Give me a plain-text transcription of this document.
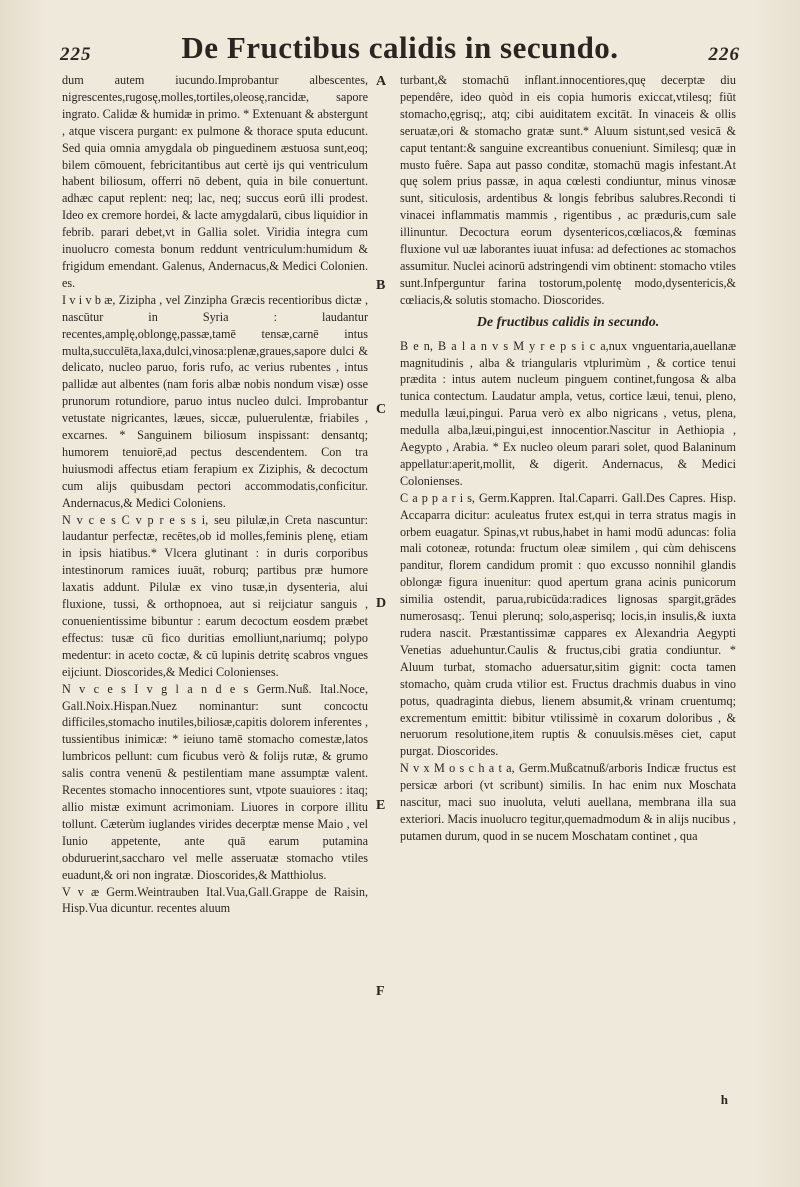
225	De Fructibus calidis in secundo.	226

dum autem iucundo.Improbantur albescentes, nigrescentes,rugosę,molles,tortiles,oleosę,rancidæ, sapore ingrato. Calidæ & humidæ in primo. * Extenuant & abstergunt , atque viscera purgant: ex pulmone & thorace sputa educunt. Sed quia omnia amygdala ob pinguedinem æstuosa sunt,eoq; bilem cōmouent, febricitantibus aut certè ijs qui ventriculum habent biliosum, offerri nō debent, quia in bile conuertunt. adhæc caput replent: neq; lac, neq; succus eorū illi prodest. Ideo ex cremore hordei, & lacte amygdalarū, cibus liquidior in febrib. parari debet,vt in Gallia solet. Viridia integra cum inuolucro comesta bonum reddunt ventriculum:humidum & frigidum emendant. Galenus, Andernacus,& Medici Colonien. es.

I v i v b æ, Zizipha , vel Zinzipha Græcis recentioribus dictæ , nascūtur in Syria : laudantur recentes,amplę,oblongę,passæ,tamē tensæ,carnē intus multa,succulēta,laxa,dulci,vinosa:plenæ,graues,sapore dulci & delicato, nucleo paruo, foris rufo, ac verius rubentes , intus pallidæ aut albentes (nam foris albæ nobis nondum visæ) osse prunorum rotundiore, paruo intus nucleo dulci. Improbantur vetustate nigricantes, læues, siccæ, puluerulentæ, friabiles , excarnes. * Sanguinem biliosum inspissant: densantq; humorem tenuiorē,ad pectus descendentem. Con tra huiusmodi affectus etiam ferapium ex Ziziphis, & decoctum cum alijs quibusdam pectori accommodatis,conficitur. Andernacus,& Medici Coloniens.

N v c e s C v p r e s s i, seu pilulæ,in Creta nascuntur: laudantur perfectæ, recētes,ob id molles,feminis plenę, etiam in ipsis hiatibus.* Vlcera glutinant : in duris corporibus intestinorum ramices iuuāt, roburq; partibus præ humore laxatis addunt. Pilulæ ex vino tusæ,in dysenteria, alui fluxione, tussi, & orthopnoea, aut si reijciatur sanguis , conuenientissime bibuntur : earum decoctum eosdem præbet effectus: tusæ cū fico duritias emolliunt,nariumq; polypo medentur: in aceto coctæ, & cū lupinis detritę scabros vngues eijciunt. Dioscorides,& Medici Colonienses.

N v c e s I v g l a n d e s Germ.Nuß. Ital.Noce, Gall.Noix.Hispan.Nuez nominantur: sunt concoctu difficiles,stomacho inutiles,biliosæ,capitis dolorem inferentes , tussientibus inimicæ: * ieiuno tamē stomacho comestæ,latos lumbricos pellunt: cum ficubus verò & folijs rutæ, & grumo salis contra venenū & pestilentiam mane assumptæ valent. Recentes stomacho innocentiores sunt, vtpote suauiores : itaq; allio mistæ eximunt acrimoniam. Liuores in corpore illitu tollunt. Cæterùm iuglandes virides decerptæ mense Maio , vel Iunio appetente, ante quā earum putamina obduruerint,saccharo vel melle asseruatæ stomacho vtiles euadunt,& ori non ingratæ. Dioscorides,& Matthiolus.

V v æ Germ.Weintrauben Ital.Vua,Gall.Grappe de Raisin, Hisp.Vua dicuntur. recentes aluum

A
B
C
D
E
F

turbant,& stomachū inflant.innocentiores,quę decerptæ diu pependêre, ideo quòd in eis copia humoris exiccat,vtilesq; fiūt stomacho,ęgrisq;, atq; cibi auiditatem excitāt. In vinaceis & ollis seruatæ,ori & stomacho gratæ sunt.* Aluum sistunt,sed vesicā & caput tentant:& sanguine excreantibus conueniunt. Similesq; quæ in musto fuêre. Sapa aut passo conditæ, stomachū magis infestant.At quę solem prius passæ, in aqua cœlesti condiuntur, minus vinosæ sunt, siticulosis, ardentibus & longis febribus salubres.Recondi ti vinacei inflammatis mammis , rigentibus , ac præduris,cum sale illinuntur. Decoctura eorum dysentericos,cœliacos,& fœminas fluxione vul uæ laborantes iuuat infusa: ad defectiones ac stomachos assumitur. Nuclei acinorū adstringendi vim obtinent: stomacho vtiles sunt.Infperguntur farina tostorum,polentę modo,dysentericis,& cœliacis,& solutis stomacho. Dioscorides.

De fructibus calidis in secundo.

B e n, B a l a n v s M y r e p s i c a,nux vnguentaria,auellanæ magnitudinis , alba & triangularis vtplurimùm , & cortice tenui prædita : intus autem nucleum pinguem continet,fungosa & alba tunica contectum. Laudatur ampla, vetus, cortice læui, tenui, pleno, medulla læui,pingui. Parua verò ex albo nigricans , vetus, plena, medulla alba,læui,pingui,est innocentior.Nascitur in Aethiopia , Aegypto , Arabia. * Ex nucleo oleum parari solet, quod Balaninum appellatur:aperit,mollit, & digerit. Andernacus, & Medici Colonienses.

C a p p a r i s, Germ.Kappren. Ital.Caparri. Gall.Des Capres. Hisp. Accaparra dicitur: aculeatus frutex est,qui in terra stratus magis in orbem euagatur. Spinas,vt rubus,habet in hami modū aduncas: folia mali cotoneæ, rotunda: fructum oleæ similem , qui cùm dehiscens panditur, florem candidum promit : quo excusso nonnihil glandis oblongæ figura inuenitur: quod apertum grana acinis punicorum similia ostendit, parua,rubicūda:radices lignosas spargit,grādes numerosasq;. Tenui plerunq; solo,asperisq; locis,in insulis,& iuxta rudera nascit. Præstantissimæ cappares ex Alexandria Aegypti Venetias aduehuntur.Caulis & fructus,cibi gratia condiuntur. * Aluum turbat, stomacho aduersatur,sitim gignit: cocta tamen stomacho, quàm cruda vtilior est. Fructus drachmis duabus in vino potus, quadraginta diebus, lienem absumit,& vrinam cruentumq; excrementum emittit: bibitur vtilissimè in coxarum doloribus , & neruorum resolutione,item ruptis & conuulsis.mēses ciet, caput purgat. Dioscorides.

N v x M o s c h a t a, Germ.Mußcatnuß/arboris Indicæ fructus est persicæ arbori (vt scribunt) similis. In hac enim nux Moschata nascitur, maci suo inuoluta, veluti auellana, membrana illa sua exteriori. Macis inuolucro tegitur,quemadmodum & in alijs nucibus , putamen durum, quod in se nucem Moschatam continet , qua

h
